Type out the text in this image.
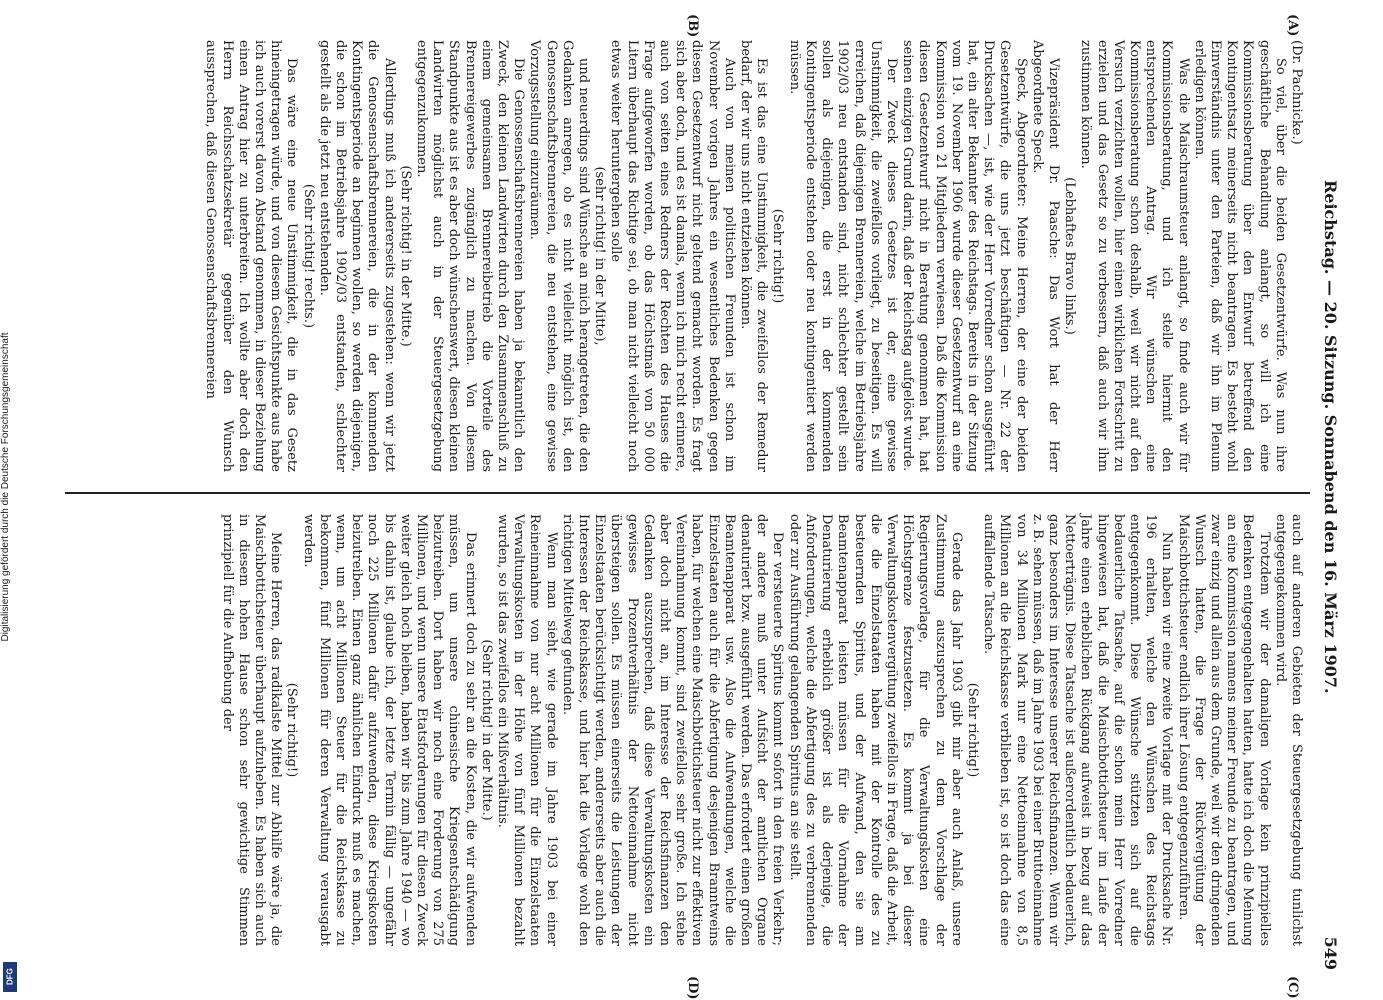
Digitalisierung gefördert durch die Deutsche Forschungsgemeinschaft
DFG
Reichstag. — 20. Sitzung. Sonnabend den 16. März 1907.
549
(A)
(B)
(C)
(D)

(Dr. Pachnicke.)

So viel, über die beiden Gesetzentwürfe. Was nun ihre geschäftliche Behandlung anlangt, so will ich eine Kommissionsberatung über den Entwurf betreffend den Kontingentsatz meinerseits nicht beantragen. Es besteht wohl Einverständnis unter den Parteien, daß wir ihn im Plenum erledigen können.

Was die Maischraumsteuer anlangt, so finde auch wir für Kommissionsberatung, und ich stelle hiermit den entsprechenden Antrag. Wir wünschen eine Kommissionsberatung schon deshalb, weil wir nicht auf den Versuch verzichten wollen, hier einen wirklichen Fortschritt zu erzielen und das Gesetz so zu verbessern, daß auch wir ihm zustimmen können.

(Lebhaftes Bravo links.)

Vizepräsident Dr. Paasche: Das Wort hat der Herr Abgeordnete Speck.

Speck, Abgeordneter: Meine Herren, der eine der beiden Gesetzentwürfe, die uns jetzt beschäftigen — Nr. 22 der Drucksachen —, ist, wie der Herr Vorredner schon ausgeführt hat, ein alter Bekannter des Reichstags. Bereits in der Sitzung vom 19. November 1906 wurde dieser Gesetzentwurf an eine Kommission von 21 Mitgliedern verwiesen. Daß die Kommission diesen Gesetzentwurf nicht in Beratung genommen hat, hat seinen einzigen Grund darin, daß der Reichstag aufgelöst wurde.

Der Zweck dieses Gesetzes ist der, eine gewisse Unstimmigkeit, die zweifellos vorliegt, zu beseitigen. Es will erreichen, daß diejenigen Brennereien, welche im Betriebsjahre 1902/03 neu entstanden sind, nicht schlechter gestellt sein sollen als diejenigen, die erst in der kommenden Kontingentsperiode entstehen oder neu kontingentiert werden müssen.

(Sehr richtig!)

Es ist das eine Unstimmigkeit, die zweifellos der Remedur bedarf, der wir uns nicht entziehen können.

Auch von meinen politischen Freunden ist schon im November vorigen Jahres ein wesentliches Bedenken gegen diesen Gesetzentwurf nicht geltend gemacht worden. Es fragt sich aber doch, und es ist damals, wenn ich mich recht erinnere, auch von seiten eines Redners der Rechten des Hauses die Frage aufgeworfen worden, ob das Höchstmaß von 50 000 Litern überhaupt das Richtige sei, ob man nicht vielleicht noch etwas weiter heruntergehen solle

(sehr richtig! in der Mitte),

und neuerdings sind Wünsche an mich herangetreten, die den Gedanken anregen, ob es nicht vielleicht möglich ist, den Genossenschaftsbrennereien, die neu entstehen, eine gewisse Vorzugsstellung einzuräumen.

Die Genossenschaftsbrennereien haben ja bekanntlich den Zweck, den kleinen Landwirten durch den Zusammenschluß zu einem gemeinsamen Brennereibetrieb die Vorteile des Brennereigewerbes zugänglich zu machen. Von diesem Standpunkte aus ist es aber doch wünschenswert, diesen kleinen Landwirten möglichst auch in der Steuergesetzgebung entgegenzukommen.

(Sehr richtig! in der Mitte.)

Allerdings muß ich andererseits zugestehen: wenn wir jetzt die Genossenschaftsbrennereien, die in der kommenden Kontingentsperiode an beginnen wollen, so werden diejenigen, die schon im Betriebsjahre 1902/03 entstanden, schlechter gestellt als die jetzt neu entstehenden.

(Sehr richtig! rechts.)

Das wäre eine neue Unstimmigkeit, die in das Gesetz hineingetragen würde, und von diesem Gesichtspunkte aus habe ich auch vorerst davon Abstand genommen, in dieser Beziehung einen Antrag hier zu unterbreiten. Ich wollte aber doch den Herrn Reichsschatzsekretär gegenüber den Wunsch aussprechen, daß diesen Genossenschaftsbrennereien

auch auf anderen Gebieten der Steuergesetzgebung tunlichst entgegengekommen wird.

Trotzdem wir der damaligen Vorlage kein prinzipielles Bedenken entgegengehalten hatten, hatte ich doch die Meinung an eine Kommission namens meiner Freunde zu beantragen, und zwar einzig und allein aus dem Grunde, weil wir den dringenden Wunsch hatten, die Frage der Rückvergütung der Maischbottichsteuer endlich ihrer Lösung entgegenzuführen.

Nun haben wir eine zweite Vorlage mit der Drucksache Nr. 196 erhalten, welche den Wünschen des Reichstags entgegenkommt. Diese Wünsche stützten sich auf die bedauerliche Tatsache, auf die schon mein Herr Vorredner hingewiesen hat, daß die Maischbottichsteuer im Laufe der Jahre einen erheblichen Rückgang aufweist in bezug auf das Nettoerträgnis. Diese Tatsache ist außerordentlich bedauerlich, ganz besonders im Interesse unserer Reichsfinanzen. Wenn wir z. B. sehen müssen, daß im Jahre 1903 bei einer Bruttoeinnahme von 34 Millionen Mark nur eine Nettoeinnahme von 8,5 Millionen an die Reichskasse verblieben ist, so ist doch das eine auffallende Tatsache.

(Sehr richtig!)

Gerade das Jahr 1903 gibt mir aber auch Anlaß, unsere Zustimmung auszusprechen zu dem Vorschlage der Regierungsvorlage, für die Verwaltungskosten eine Höchstgrenze festzusetzen. Es kommt ja bei dieser Verwaltungskostenvergütung zweifellos in Frage, daß die Arbeit, die die Einzelstaaten haben mit der Kontrolle des zu besteuernden Spiritus, und der Aufwand, den sie am Beamtenapparat leisten müssen für die Vornahme der Denaturierung erheblich größer ist als derjenige, die Anforderungen, welche die Abfertigung des zu verbrennenden oder zur Ausführung gelangenden Spiritus an sie stellt.

Der versteuerte Spiritus kommt sofort in den freien Verkehr; der andere muß unter Aufsicht der amtlichen Organe denaturiert bzw. ausgeführt werden. Das erfordert einen großen Beamtenapparat usw. Also die Aufwendungen, welche die Einzelstaaten auch für die Abfertigung desjenigen Branntweins haben, für welchen eine Maischbottichsteuer nicht zur effektiven Vereinnahmung kommt, sind zweifellos sehr große. Ich stehe aber doch nicht an, im Interesse der Reichsfinanzen den Gedanken auszusprechen, daß diese Verwaltungskosten ein gewisses Prozentverhältnis der Nettoeinnahme nicht übersteigen sollen. Es müssen einerseits die Leistungen der Einzelstaaten berücksichtigt werden, andererseits aber auch die Interessen der Reichskasse, und hier hat die Vorlage wohl den richtigen Mittelweg gefunden.

Wenn man sieht, wie gerade im Jahre 1903 bei einer Reineinnahme von nur acht Millionen für die Einzelstaaten Verwaltungskosten in der Höhe von fünf Millionen bezahlt wurden, so ist das zweifellos ein Mißverhältnis.

(Sehr richtig! in der Mitte.)

Das erinnert doch zu sehr an die Kosten, die wir aufwenden müssen, um unsere chinesische Kriegsentschädigung beizutreiben. Dort haben wir noch eine Forderung von 275 Millionen, und wenn unsere Etatsforderungen für diesen Zweck weiter gleich hoch bleiben, haben wir bis zum Jahre 1940 — wo bis dahin ist, glaube ich, der letzte Termin fällig — ungefähr noch 225 Millionen dafür aufzuwenden, diese Kriegskosten beizutreiben. Einen ganz ähnlichen Eindruck muß es machen, wenn, um acht Millionen Steuer für die Reichskasse zu bekommen, fünf Millionen für deren Verwaltung verausgabt werden.

(Sehr richtig!)

Meine Herren, das radikalste Mittel zur Abhilfe wäre ja, die Maischbottichsteuer überhaupt aufzuheben. Es haben sich auch in diesem hohen Hause schon sehr gewichtige Stimmen prinzipiell für die Aufhebung der
